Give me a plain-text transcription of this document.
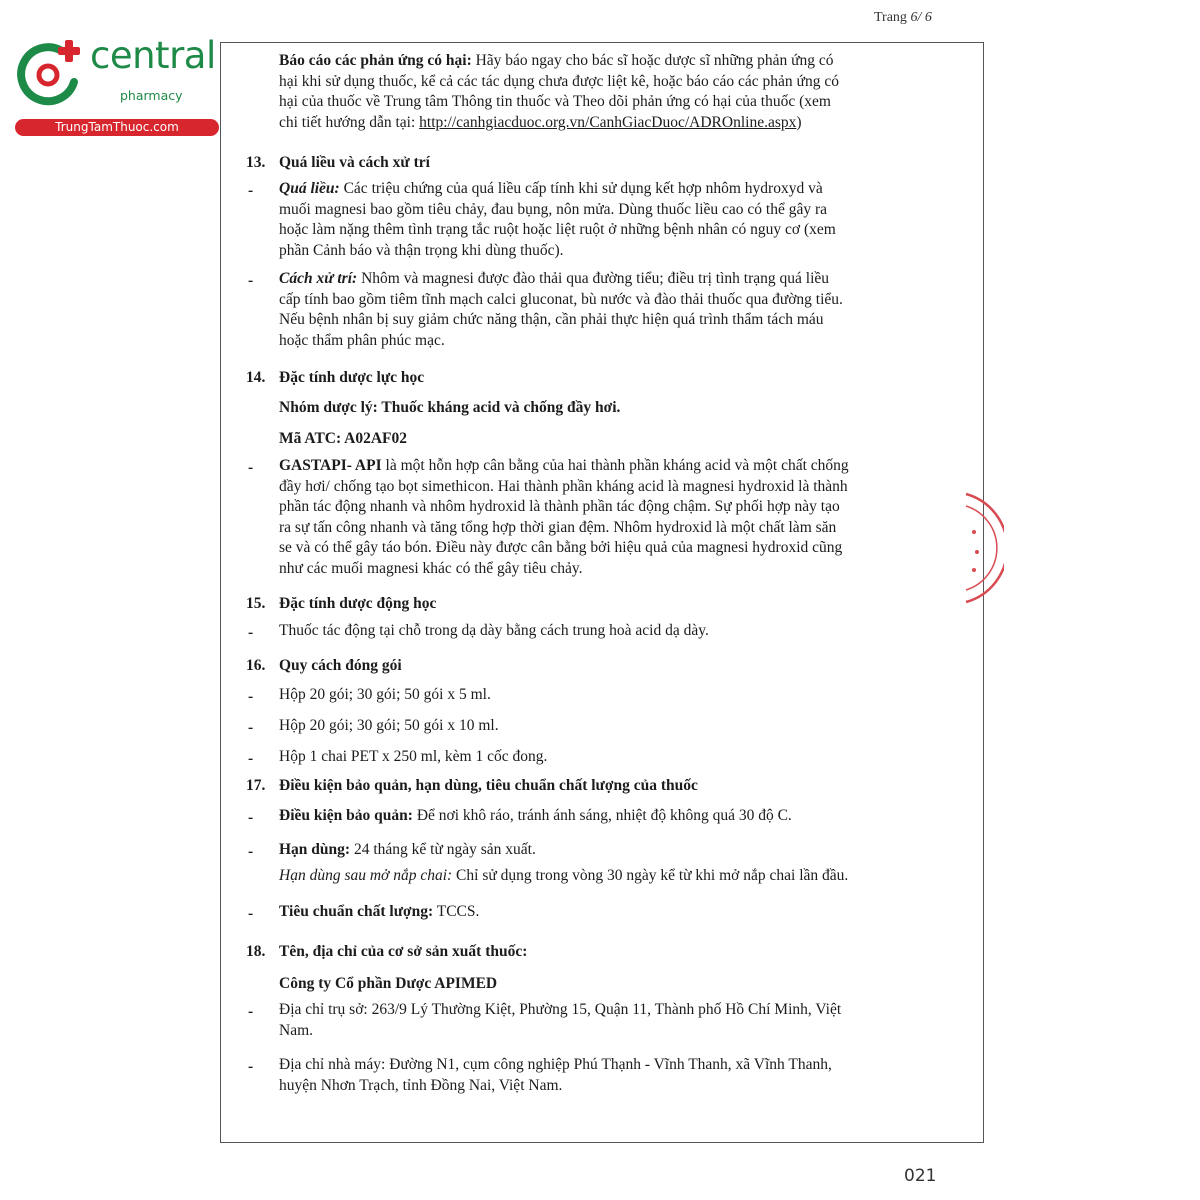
Trang 6/ 6
central
pharmacy
TrungTamThuoc.com
Báo cáo các phản ứng có hại: Hãy báo ngay cho bác sĩ hoặc dược sĩ những phản ứng có
hại khi sử dụng thuốc, kể cả các tác dụng chưa được liệt kê, hoặc báo cáo các phản ứng có
hại của thuốc về Trung tâm Thông tin thuốc và Theo dõi phản ứng có hại của thuốc (xem
chi tiết hướng dẫn tại: http://canhgiacduoc.org.vn/CanhGiacDuoc/ADROnline.aspx)
13. Quá liều và cách xử trí
- Quá liều: Các triệu chứng của quá liều cấp tính khi sử dụng kết hợp nhôm hydroxyd và
muối magnesi bao gồm tiêu chảy, đau bụng, nôn mửa. Dùng thuốc liều cao có thể gây ra
hoặc làm nặng thêm tình trạng tắc ruột hoặc liệt ruột ở những bệnh nhân có nguy cơ (xem
phần Cảnh báo và thận trọng khi dùng thuốc).
- Cách xử trí: Nhôm và magnesi được đào thải qua đường tiểu; điều trị tình trạng quá liều
cấp tính bao gồm tiêm tĩnh mạch calci gluconat, bù nước và đào thải thuốc qua đường tiểu.
Nếu bệnh nhân bị suy giảm chức năng thận, cần phải thực hiện quá trình thẩm tách máu
hoặc thẩm phân phúc mạc.
14. Đặc tính dược lực học
Nhóm dược lý: Thuốc kháng acid và chống đầy hơi.
Mã ATC: A02AF02
- GASTAPI- API là một hỗn hợp cân bằng của hai thành phần kháng acid và một chất chống
đầy hơi/ chống tạo bọt simethicon. Hai thành phần kháng acid là magnesi hydroxid là thành
phần tác động nhanh và nhôm hydroxid là thành phần tác động chậm. Sự phối hợp này tạo
ra sự tấn công nhanh và tăng tổng hợp thời gian đệm. Nhôm hydroxid là một chất làm săn
se và có thể gây táo bón. Điều này được cân bằng bởi hiệu quả của magnesi hydroxid cũng
như các muối magnesi khác có thể gây tiêu chảy.
15. Đặc tính dược động học
- Thuốc tác động tại chỗ trong dạ dày bằng cách trung hoà acid dạ dày.
16. Quy cách đóng gói
- Hộp 20 gói; 30 gói; 50 gói x 5 ml.
- Hộp 20 gói; 30 gói; 50 gói x 10 ml.
- Hộp 1 chai PET x 250 ml, kèm 1 cốc đong.
17. Điều kiện bảo quản, hạn dùng, tiêu chuẩn chất lượng của thuốc
- Điều kiện bảo quản: Để nơi khô ráo, tránh ánh sáng, nhiệt độ không quá 30 độ C.
- Hạn dùng: 24 tháng kể từ ngày sản xuất.
Hạn dùng sau mở nắp chai: Chỉ sử dụng trong vòng 30 ngày kể từ khi mở nắp chai lần đầu.
- Tiêu chuẩn chất lượng: TCCS.
18. Tên, địa chỉ của cơ sở sản xuất thuốc:
Công ty Cổ phần Dược APIMED
- Địa chỉ trụ sở: 263/9 Lý Thường Kiệt, Phường 15, Quận 11, Thành phố Hồ Chí Minh, Việt
Nam.
- Địa chỉ nhà máy: Đường N1, cụm công nghiệp Phú Thạnh - Vĩnh Thanh, xã Vĩnh Thanh,
huyện Nhơn Trạch, tỉnh Đồng Nai, Việt Nam.
021
